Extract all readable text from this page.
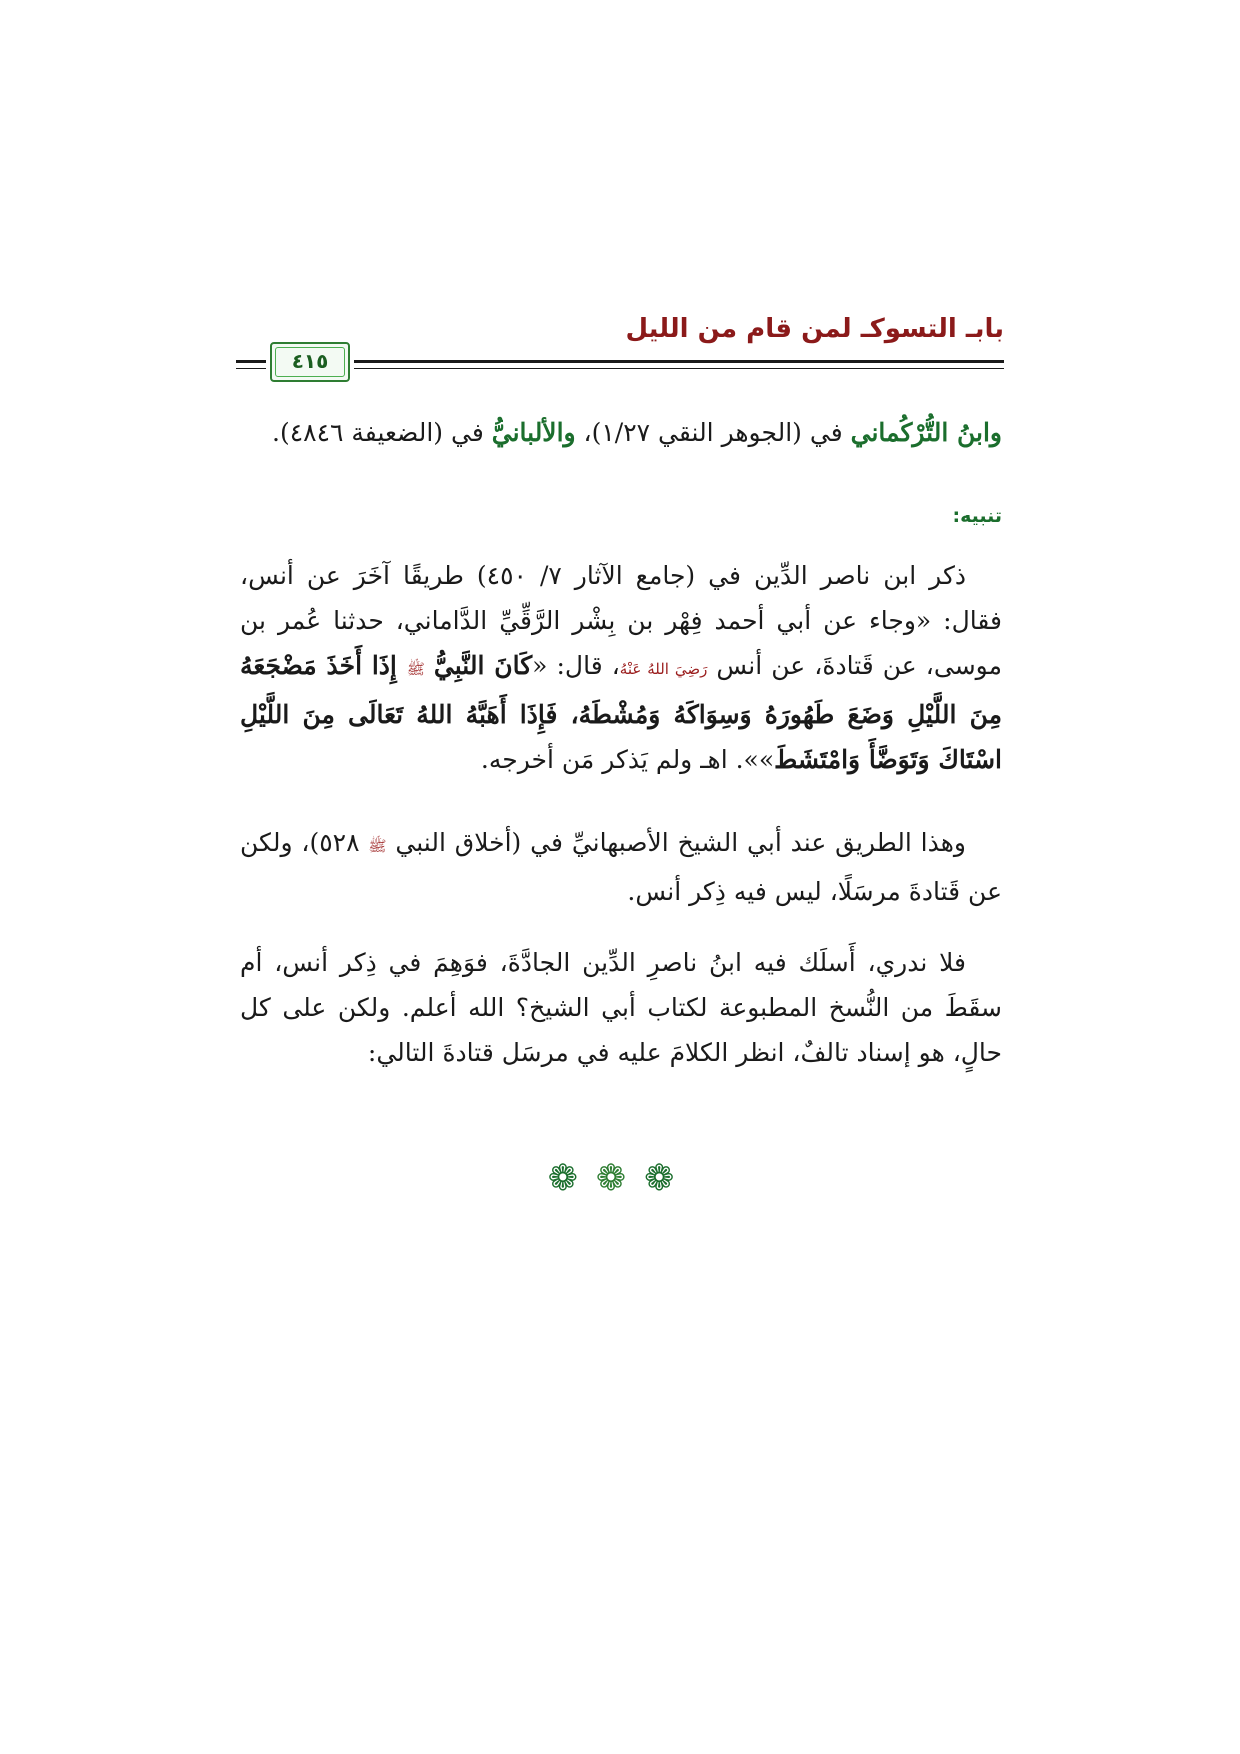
بابـ التسوكـ لمن قام من الليل
٤١٥
وابنُ التُّرْكُماني في (الجوهر النقي ١/٢٧)، والألبانيُّ في (الضعيفة ٤٨٤٦).
تنبيه:
ذكر ابن ناصر الدِّين في (جامع الآثار ٧/ ٤٥٠) طريقًا آخَرَ عن أنس، فقال: «وجاء عن أبي أحمد فِهْر بن بِشْر الرَّقِّيِّ الدَّاماني، حدثنا عُمر بن موسى، عن قَتادةَ، عن أنس رَضِيَ اللهُ عَنْهُ، قال: «كَانَ النَّبِيُّ ﷺ إِذَا أَخَذَ مَضْجَعَهُ مِنَ اللَّيْلِ وَضَعَ طَهُورَهُ وَسِوَاكَهُ وَمُشْطَهُ، فَإِذَا أَهَبَّهُ اللهُ تَعَالَى مِنَ اللَّيْلِ اسْتَاكَ وَتَوَضَّأَ وَامْتَشَطَ»». اهـ ولم يَذكر مَن أخرجه.
وهذا الطريق عند أبي الشيخ الأصبهانيِّ في (أخلاق النبي ﷺ ٥٢٨)، ولكن عن قَتادةَ مرسَلًا، ليس فيه ذِكر أنس.
فلا ندري، أَسلَك فيه ابنُ ناصرِ الدِّين الجادَّةَ، فوَهِمَ في ذِكر أنس، أم سقَطَ من النُّسخ المطبوعة لكتاب أبي الشيخ؟ الله أعلم. ولكن على كل حالٍ، هو إسناد تالفٌ، انظر الكلامَ عليه في مرسَل قتادةَ التالي:
❁❁❁
